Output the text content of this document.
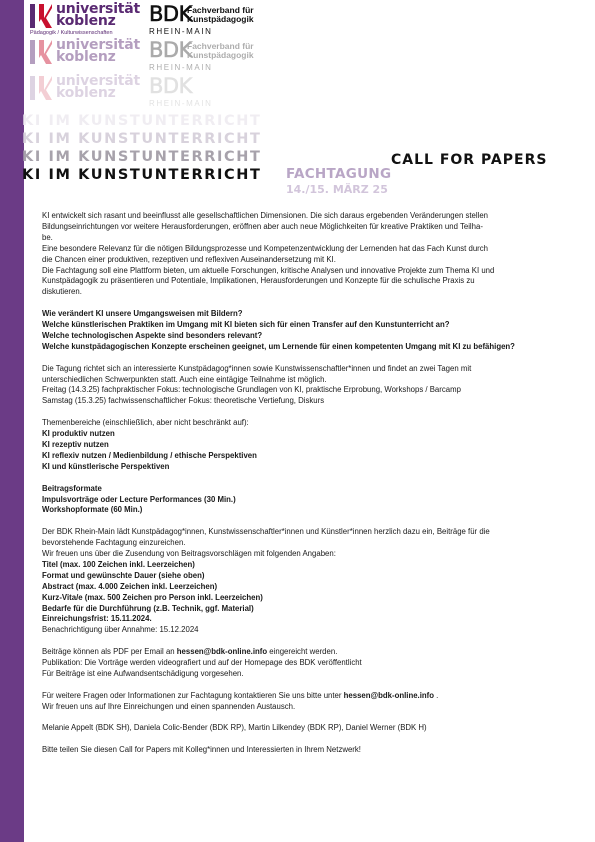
universität
koblenz
Pädagogik / Kulturwissenschaften
BDK
Fachverband für
Kunstpädagogik
RHEIN-MAIN
universität
koblenz	BDK
Fachverband für
Kunstpädagogik
RHEIN-MAIN
universität
koblenz	BDK
RHEIN-MAIN
KI IM KUNSTUNTERRICHT
KI IM KUNSTUNTERRICHT
KI IM KUNSTUNTERRICHT
KI IM KUNSTUNTERRICHT FACHTAGUNG
CALL FOR PAPERS
14./15. MÄRZ 25

KI entwickelt sich rasant und beeinflusst alle gesellschaftlichen Dimensionen. Die sich daraus ergebenden Veränderungen stellen

Bildungseinrichtungen vor weitere Herausforderungen, eröffnen aber auch neue Möglichkeiten für kreative Praktiken und Teilha-

be.

Eine besondere Relevanz für die nötigen Bildungsprozesse und Kompetenzentwicklung der Lernenden hat das Fach Kunst durch

die Chancen einer produktiven, rezeptiven und reflexiven Auseinandersetzung mit KI.

Die Fachtagung soll eine Plattform bieten, um aktuelle Forschungen, kritische Analysen und innovative Projekte zum Thema KI und

Kunstpädagogik zu präsentieren und Potentiale, Implikationen, Herausforderungen und Konzepte für die schulische Praxis zu

diskutieren.

Wie verändert KI unsere Umgangsweisen mit Bildern?

Welche künstlerischen Praktiken im Umgang mit KI bieten sich für einen Transfer auf den Kunstunterricht an?

Welche technologischen Aspekte sind besonders relevant?

Welche kunstpädagogischen Konzepte erscheinen geeignet, um Lernende für einen kompetenten Umgang mit KI zu befähigen?

Die Tagung richtet sich an interessierte Kunstpädagog*innen sowie Kunstwissenschaftler*innen und findet an zwei Tagen mit

unterschiedlichen Schwerpunkten statt. Auch eine eintägige Teilnahme ist möglich.

Freitag (14.3.25) fachpraktischer Fokus: technologische Grundlagen von KI, praktische Erprobung, Workshops / Barcamp

Samstag (15.3.25) fachwissenschaftlicher Fokus: theoretische Vertiefung, Diskurs

Themenbereiche (einschließlich, aber nicht beschränkt auf):

KI produktiv nutzen

KI rezeptiv nutzen

KI reflexiv nutzen / Medienbildung / ethische Perspektiven

KI und künstlerische Perspektiven

Beitragsformate

Impulsvorträge oder Lecture Performances (30 Min.)

Workshopformate (60 Min.)

Der BDK Rhein-Main lädt Kunstpädagog*innen, Kunstwissenschaftler*innen und Künstler*innen herzlich dazu ein, Beiträge für die

bevorstehende Fachtagung einzureichen.

Wir freuen uns über die Zusendung von Beitragsvorschlägen mit folgenden Angaben:

Titel (max. 100 Zeichen inkl. Leerzeichen)

Format und gewünschte Dauer (siehe oben)

Abstract (max. 4.000 Zeichen inkl. Leerzeichen)

Kurz-Vita/e (max. 500 Zeichen pro Person inkl. Leerzeichen)

Bedarfe für die Durchführung (z.B. Technik, ggf. Material)

Einreichungsfrist: 15.11.2024.

Benachrichtigung über Annahme: 15.12.2024

Beiträge können als PDF per Email an hessen@bdk-online.info eingereicht werden.

Publikation: Die Vorträge werden videografiert und auf der Homepage des BDK veröffentlicht

Für Beiträge ist eine Aufwandsentschädigung vorgesehen.

Für weitere Fragen oder Informationen zur Fachtagung kontaktieren Sie uns bitte unter hessen@bdk-online.info .

Wir freuen uns auf Ihre Einreichungen und einen spannenden Austausch.

Melanie Appelt (BDK SH), Daniela Colic-Bender (BDK RP), Martin Lilkendey (BDK RP), Daniel Werner (BDK H)

Bitte teilen Sie diesen Call for Papers mit Kolleg*innen und Interessierten in Ihrem Netzwerk!
